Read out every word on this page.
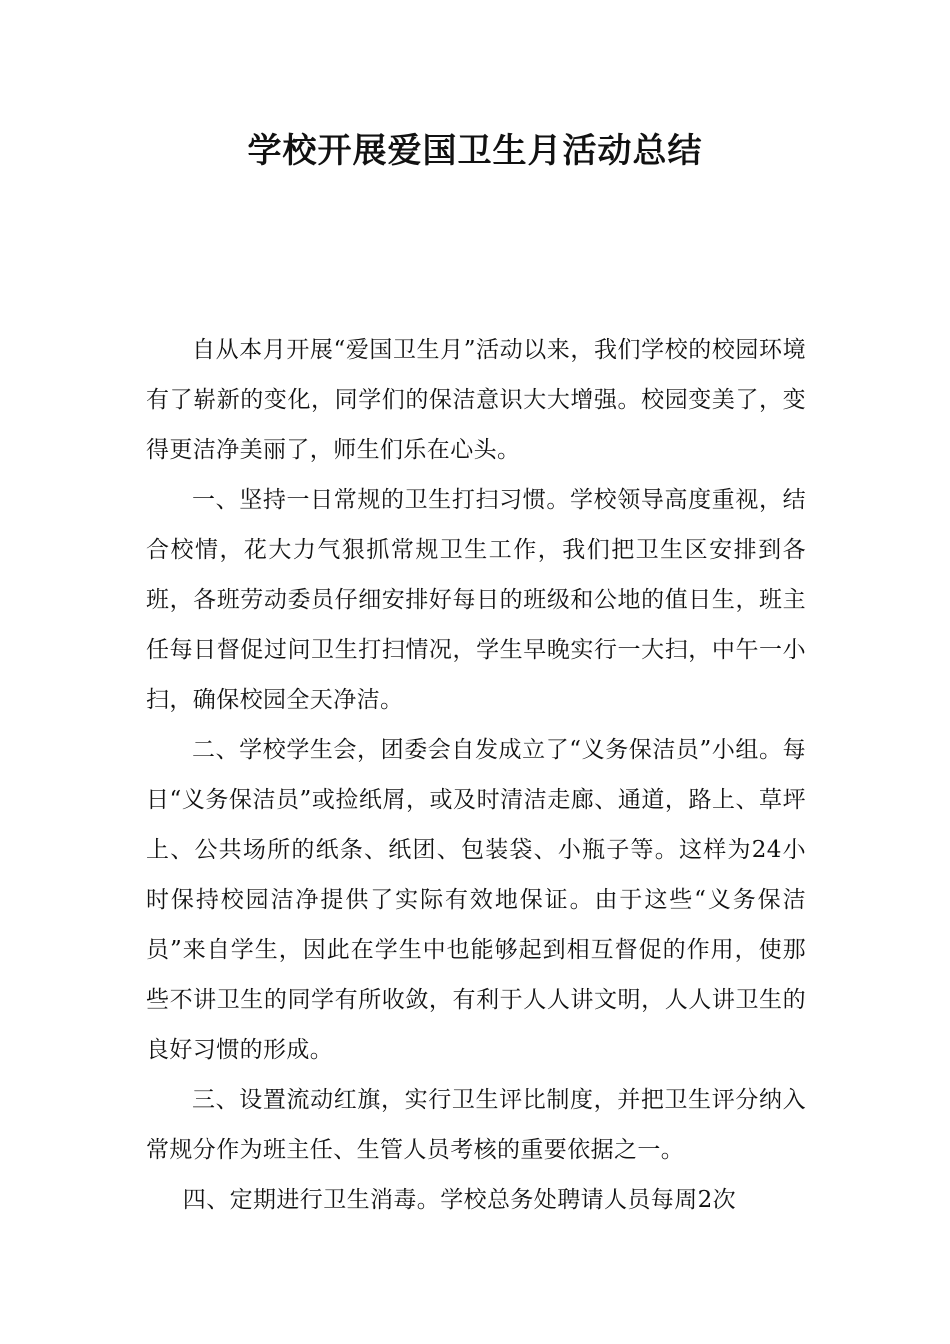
学校开展爱国卫生月活动总结

自从本月开展“爱国卫生月”活动以来，我们学校的校园环境有了崭新的变化，同学们的保洁意识大大增强。校园变美了，变得更洁净美丽了，师生们乐在心头。

一、坚持一日常规的卫生打扫习惯。学校领导高度重视，结合校情，花大力气狠抓常规卫生工作，我们把卫生区安排到各班，各班劳动委员仔细安排好每日的班级和公地的值日生，班主任每日督促过问卫生打扫情况，学生早晚实行一大扫，中午一小扫，确保校园全天净洁。

二、学校学生会，团委会自发成立了“义务保洁员”小组。每日“义务保洁员”或捡纸屑，或及时清洁走廊、通道，路上、草坪上、公共场所的纸条、纸团、包装袋、小瓶子等。这样为24小时保持校园洁净提供了实际有效地保证。由于这些“义务保洁员”来自学生，因此在学生中也能够起到相互督促的作用，使那些不讲卫生的同学有所收敛，有利于人人讲文明，人人讲卫生的良好习惯的形成。

三、设置流动红旗，实行卫生评比制度，并把卫生评分纳入常规分作为班主任、生管人员考核的重要依据之一。

四、定期进行卫生消毒。学校总务处聘请人员每周2次
